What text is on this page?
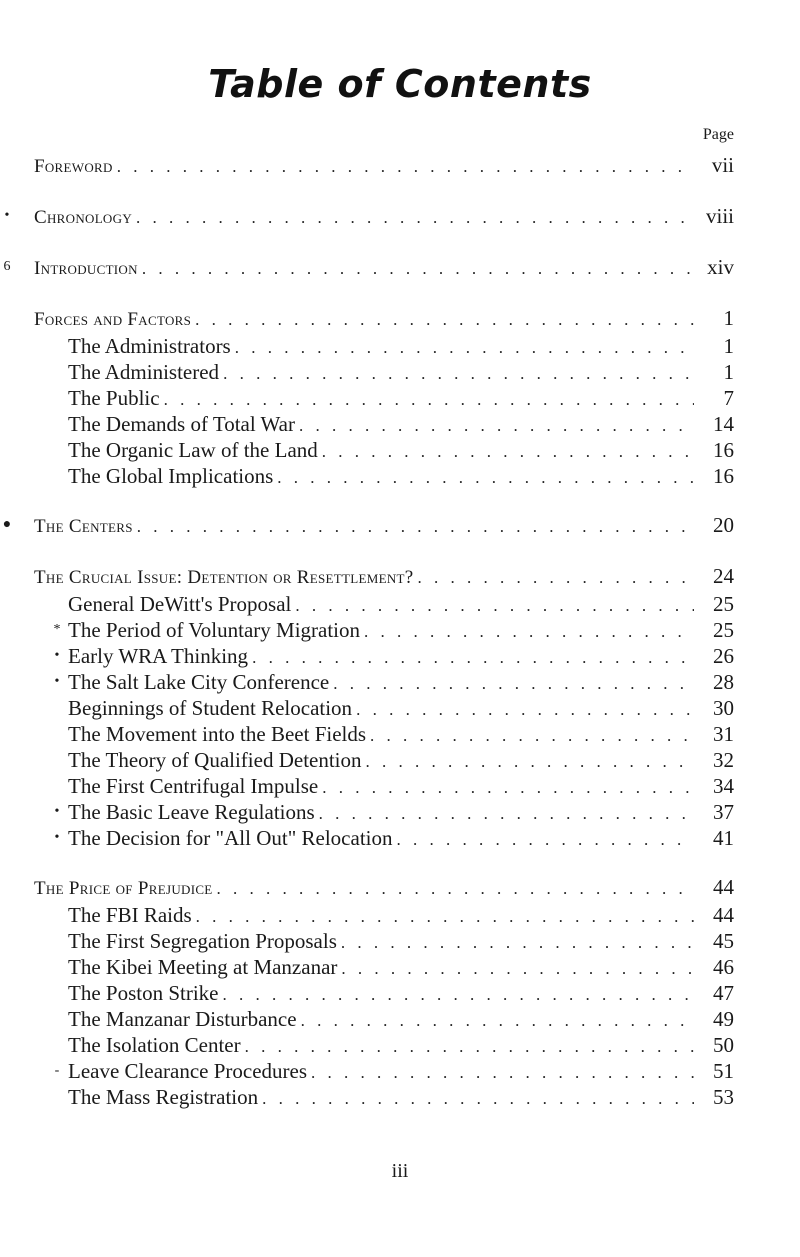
Table of Contents
Page
Foreword . . .	vii
• Chronology . . .	viii
6 Introduction . . .	xiv
Forces and Factors . . .	1
The Administrators . . .	1
The Administered . . .	1
The Public . . .	7
The Demands of Total War . . .	14
The Organic Law of the Land . . .	16
The Global Implications . . .	16
● The Centers . . .	20
The Crucial Issue: Detention or Resettlement? . . .	24
General DeWitt's Proposal . . .	25
* The Period of Voluntary Migration . . .	25
• Early WRA Thinking . . .	26
• The Salt Lake City Conference . . .	28
Beginnings of Student Relocation . . .	30
The Movement into the Beet Fields . . .	31
The Theory of Qualified Detention . . .	32
The First Centrifugal Impulse . . .	34
• The Basic Leave Regulations . . .	37
• The Decision for "All Out" Relocation . . .	41
The Price of Prejudice . . .	44
The FBI Raids . . .	44
The First Segregation Proposals . . .	45
The Kibei Meeting at Manzanar . . .	46
The Poston Strike . . .	47
The Manzanar Disturbance . . .	49
The Isolation Center . . .	50
- Leave Clearance Procedures . . .	51
The Mass Registration . . .	53
iii
